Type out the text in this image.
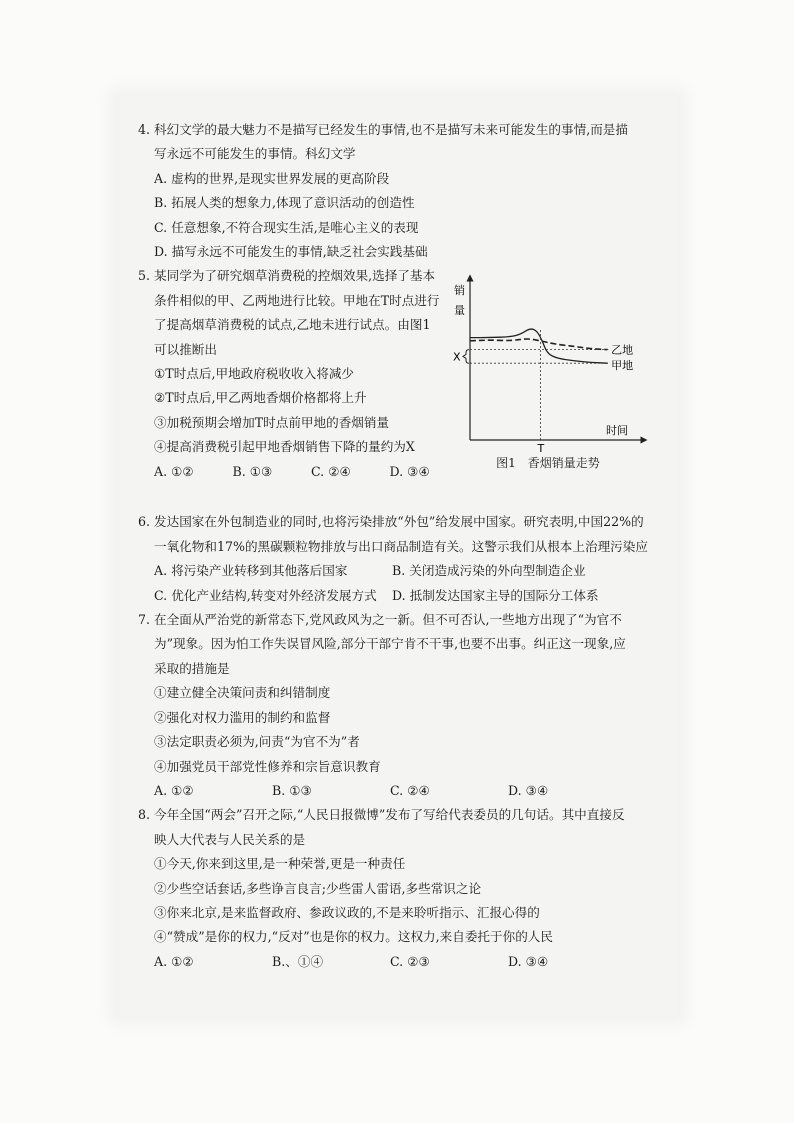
4. 科幻文学的最大魅力不是描写已经发生的事情,也不是描写未来可能发生的事情,而是描
写永远不可能发生的事情。科幻文学
A. 虚构的世界,是现实世界发展的更高阶段
B. 拓展人类的想象力,体现了意识活动的创造性
C. 任意想象,不符合现实生活,是唯心主义的表现
D. 描写永远不可能发生的事情,缺乏社会实践基础
5. 某同学为了研究烟草消费税的控烟效果,选择了基本
条件相似的甲、乙两地进行比较。甲地在T时点进行
了提高烟草消费税的试点,乙地未进行试点。由图1
可以推断出
①T时点后,甲地政府税收收入将减少
②T时点后,甲乙两地香烟价格都将上升
③加税预期会增加T时点前甲地的香烟销量
④提高消费税引起甲地香烟销售下降的量约为X
A. ①②	B. ①③	C. ②④	D. ③④
销
量
X
T
时间
乙地
甲地
图1　香烟销量走势
6. 发达国家在外包制造业的同时,也将污染排放“外包”给发展中国家。研究表明,中国22%的
一氧化物和17%的黑碳颗粒物排放与出口商品制造有关。这警示我们从根本上治理污染应
A. 将污染产业转移到其他落后国家	B. 关闭造成污染的外向型制造企业
C. 优化产业结构,转变对外经济发展方式	D. 抵制发达国家主导的国际分工体系
7. 在全面从严治党的新常态下,党风政风为之一新。但不可否认,一些地方出现了“为官不
为”现象。因为怕工作失误冒风险,部分干部宁肯不干事,也要不出事。纠正这一现象,应
采取的措施是
①建立健全决策问责和纠错制度
②强化对权力滥用的制约和监督
③法定职责必须为,问责“为官不为”者
④加强党员干部党性修养和宗旨意识教育
A. ①②	B. ①③	C. ②④	D. ③④
8. 今年全国“两会”召开之际,“人民日报微博”发布了写给代表委员的几句话。其中直接反
映人大代表与人民关系的是
①今天,你来到这里,是一种荣誉,更是一种责任
②少些空话套话,多些诤言良言;少些雷人雷语,多些常识之论
③你来北京,是来监督政府、参政议政的,不是来聆听指示、汇报心得的
④“赞成”是你的权力,“反对”也是你的权力。这权力,来自委托于你的人民
A. ①②	B.、①④	C. ②③	D. ③④
